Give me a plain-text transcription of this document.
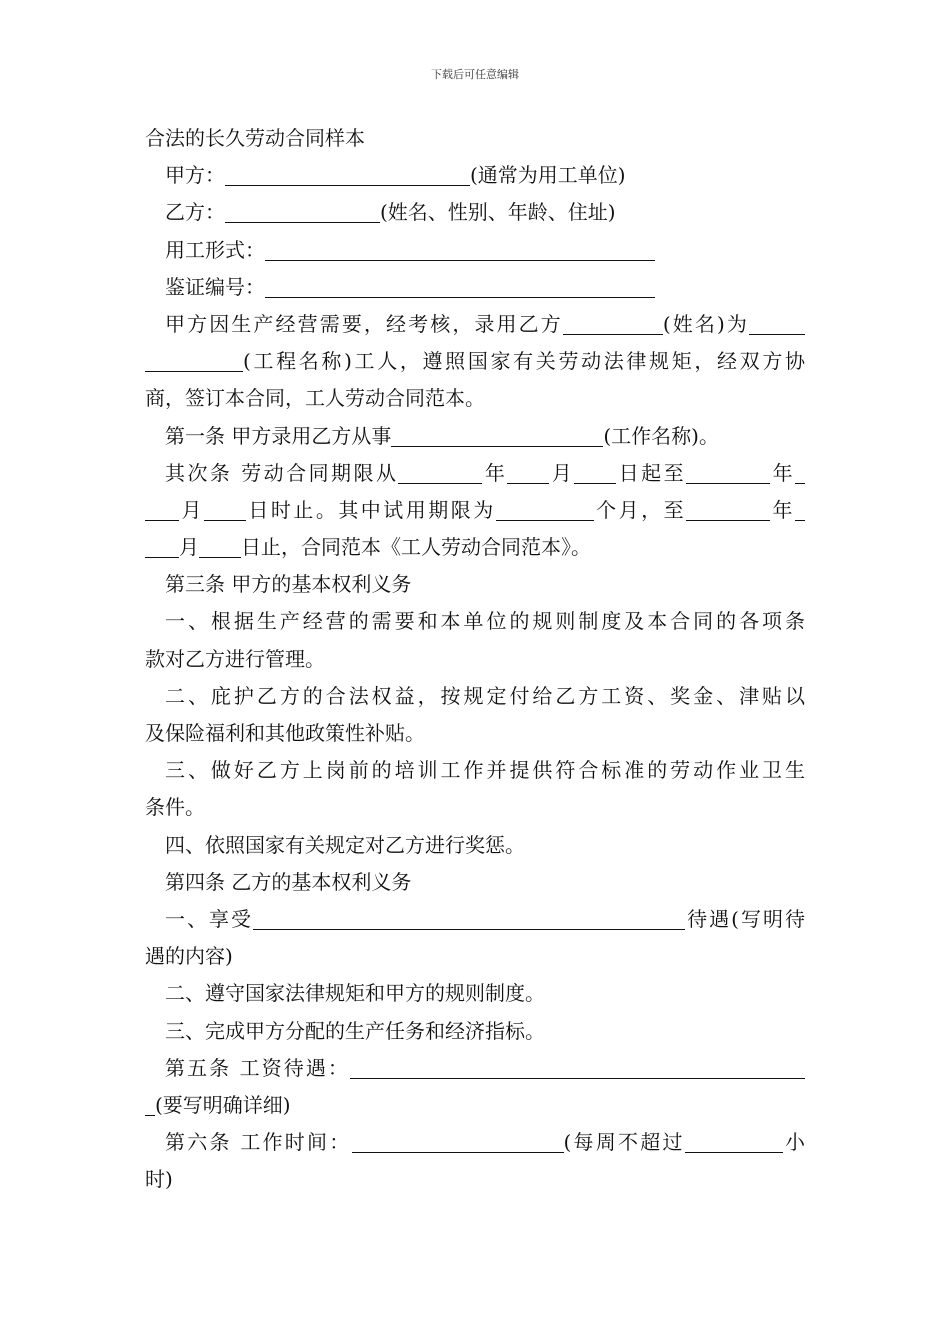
下载后可任意编辑
合法的长久劳动合同样本
甲方：	(通常为用工单位)
乙方：	(姓名、性别、年龄、住址)
用工形式：
鉴证编号：
甲方因生产经营需要，经考核，录用乙方	(姓名)为
(工程名称)工人，遵照国家有关劳动法律规矩，经双方协
商，签订本合同，工人劳动合同范本。
第一条 甲方录用乙方从事	(工作名称)。
其次条 劳动合同期限从	年 月 日起至	年
月 日时止。其中试用期限为	个月，至	年
月 日止，合同范本《工人劳动合同范本》。
第三条 甲方的基本权利义务
一、根据生产经营的需要和本单位的规则制度及本合同的各项条
款对乙方进行管理。
二、庇护乙方的合法权益，按规定付给乙方工资、奖金、津贴以
及保险福利和其他政策性补贴。
三、做好乙方上岗前的培训工作并提供符合标准的劳动作业卫生
条件。
四、依照国家有关规定对乙方进行奖惩。
第四条 乙方的基本权利义务
一、享受	待遇(写明待
遇的内容)
二、遵守国家法律规矩和甲方的规则制度。
三、完成甲方分配的生产任务和经济指标。
第五条 工资待遇：
(要写明确详细)
第六条 工作时间：	(每周不超过	小
时)
